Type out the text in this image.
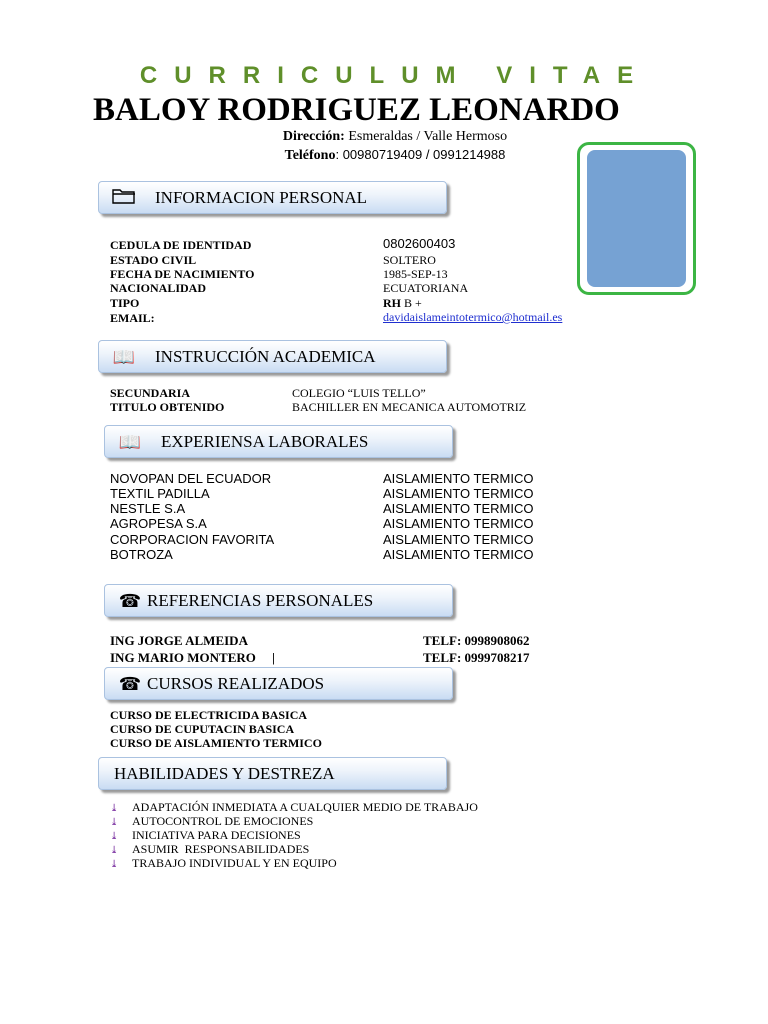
CURRICULUM VITAE
BALOY RODRIGUEZ LEONARDO
Dirección: Esmeraldas / Valle Hermoso
Teléfono: 00980719409 / 0991214988
INFORMACION PERSONAL
CEDULA DE IDENTIDAD	0802600403
ESTADO CIVIL	SOLTERO
FECHA DE NACIMIENTO	1985-SEP-13
NACIONALIDAD	ECUATORIANA
TIPO	RH B +
EMAIL:	davidaislameintotermico@hotmail.es
📖 INSTRUCCIÓN ACADEMICA
SECUNDARIA	COLEGIO “LUIS TELLO”
TITULO OBTENIDO	BACHILLER EN MECANICA AUTOMOTRIZ
📖 EXPERIENSA LABORALES
NOVOPAN DEL ECUADOR	AISLAMIENTO TERMICO
TEXTIL PADILLA	AISLAMIENTO TERMICO
NESTLE S.A	AISLAMIENTO TERMICO
AGROPESA S.A	AISLAMIENTO TERMICO
CORPORACION FAVORITA	AISLAMIENTO TERMICO
BOTROZA	AISLAMIENTO TERMICO
☎ REFERENCIAS PERSONALES
ING JORGE ALMEIDA	TELF: 0998908062
ING MARIO MONTERO     |	TELF: 0999708217
☎ CURSOS REALIZADOS
CURSO DE ELECTRICIDA BASICA
CURSO DE CUPUTACIN BASICA
CURSO DE AISLAMIENTO TERMICO
HABILIDADES Y DESTREZA
⤓ ADAPTACIÓN INMEDIATA A CUALQUIER MEDIO DE TRABAJO
⤓ AUTOCONTROL DE EMOCIONES
⤓ INICIATIVA PARA DECISIONES
⤓ ASUMIR  RESPONSABILIDADES
⤓ TRABAJO INDIVIDUAL Y EN EQUIPO
